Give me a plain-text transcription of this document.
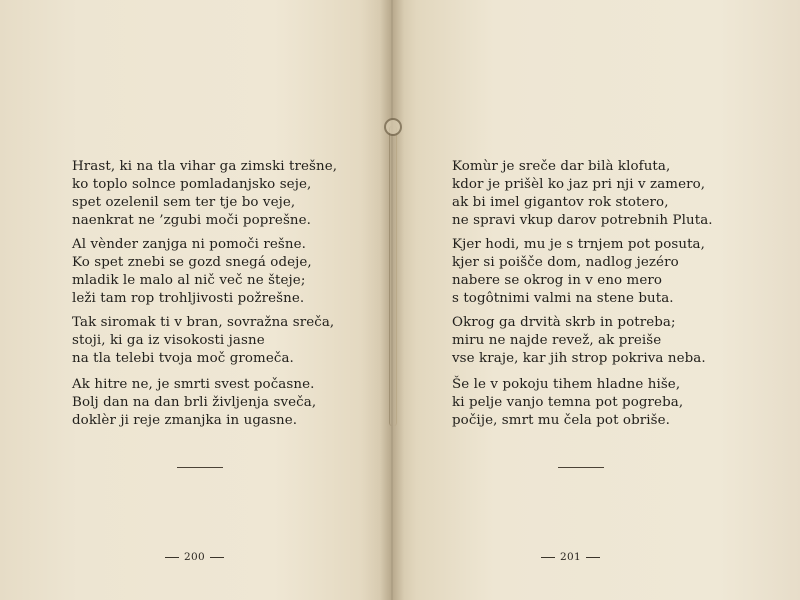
Hrast, ki na tla vihar ga zimski trešne,
ko toplo solnce pomladanjsko seje,
spet ozelenil sem ter tje bo veje,
naenkrat ne ’zgubi moči poprešne.
Al vènder zanjga ni pomoči rešne.
Ko spet znebi se gozd snegá odeje,
mladik le malo al nič več ne šteje;
leži tam rop trohljivosti požrešne.
Tak siromak ti v bran, sovražna sreča,
stoji, ki ga iz visokosti jasne
na tla telebi tvoja moč gromeča.
Ak hitre ne, je smrti svest počasne.
Bolj dan na dan brli življenja sveča,
doklèr ji reje zmanjka in ugasne.
200
Komùr je sreče dar bilà klofuta,
kdor je prišèl ko jaz pri nji v zamero,
ak bi imel gigantov rok stotero,
ne spravi vkup darov potrebnih Pluta.
Kjer hodi, mu je s trnjem pot posuta,
kjer si poišče dom, nadlog jezéro
nabere se okrog in v eno mero
s togôtnimi valmi na stene buta.
Okrog ga drvità skrb in potreba;
miru ne najde revež, ak preiše
vse kraje, kar jih strop pokriva neba.
Še le v pokoju tihem hladne hiše,
ki pelje vanjo temna pot pogreba,
počije, smrt mu čela pot obriše.
201
